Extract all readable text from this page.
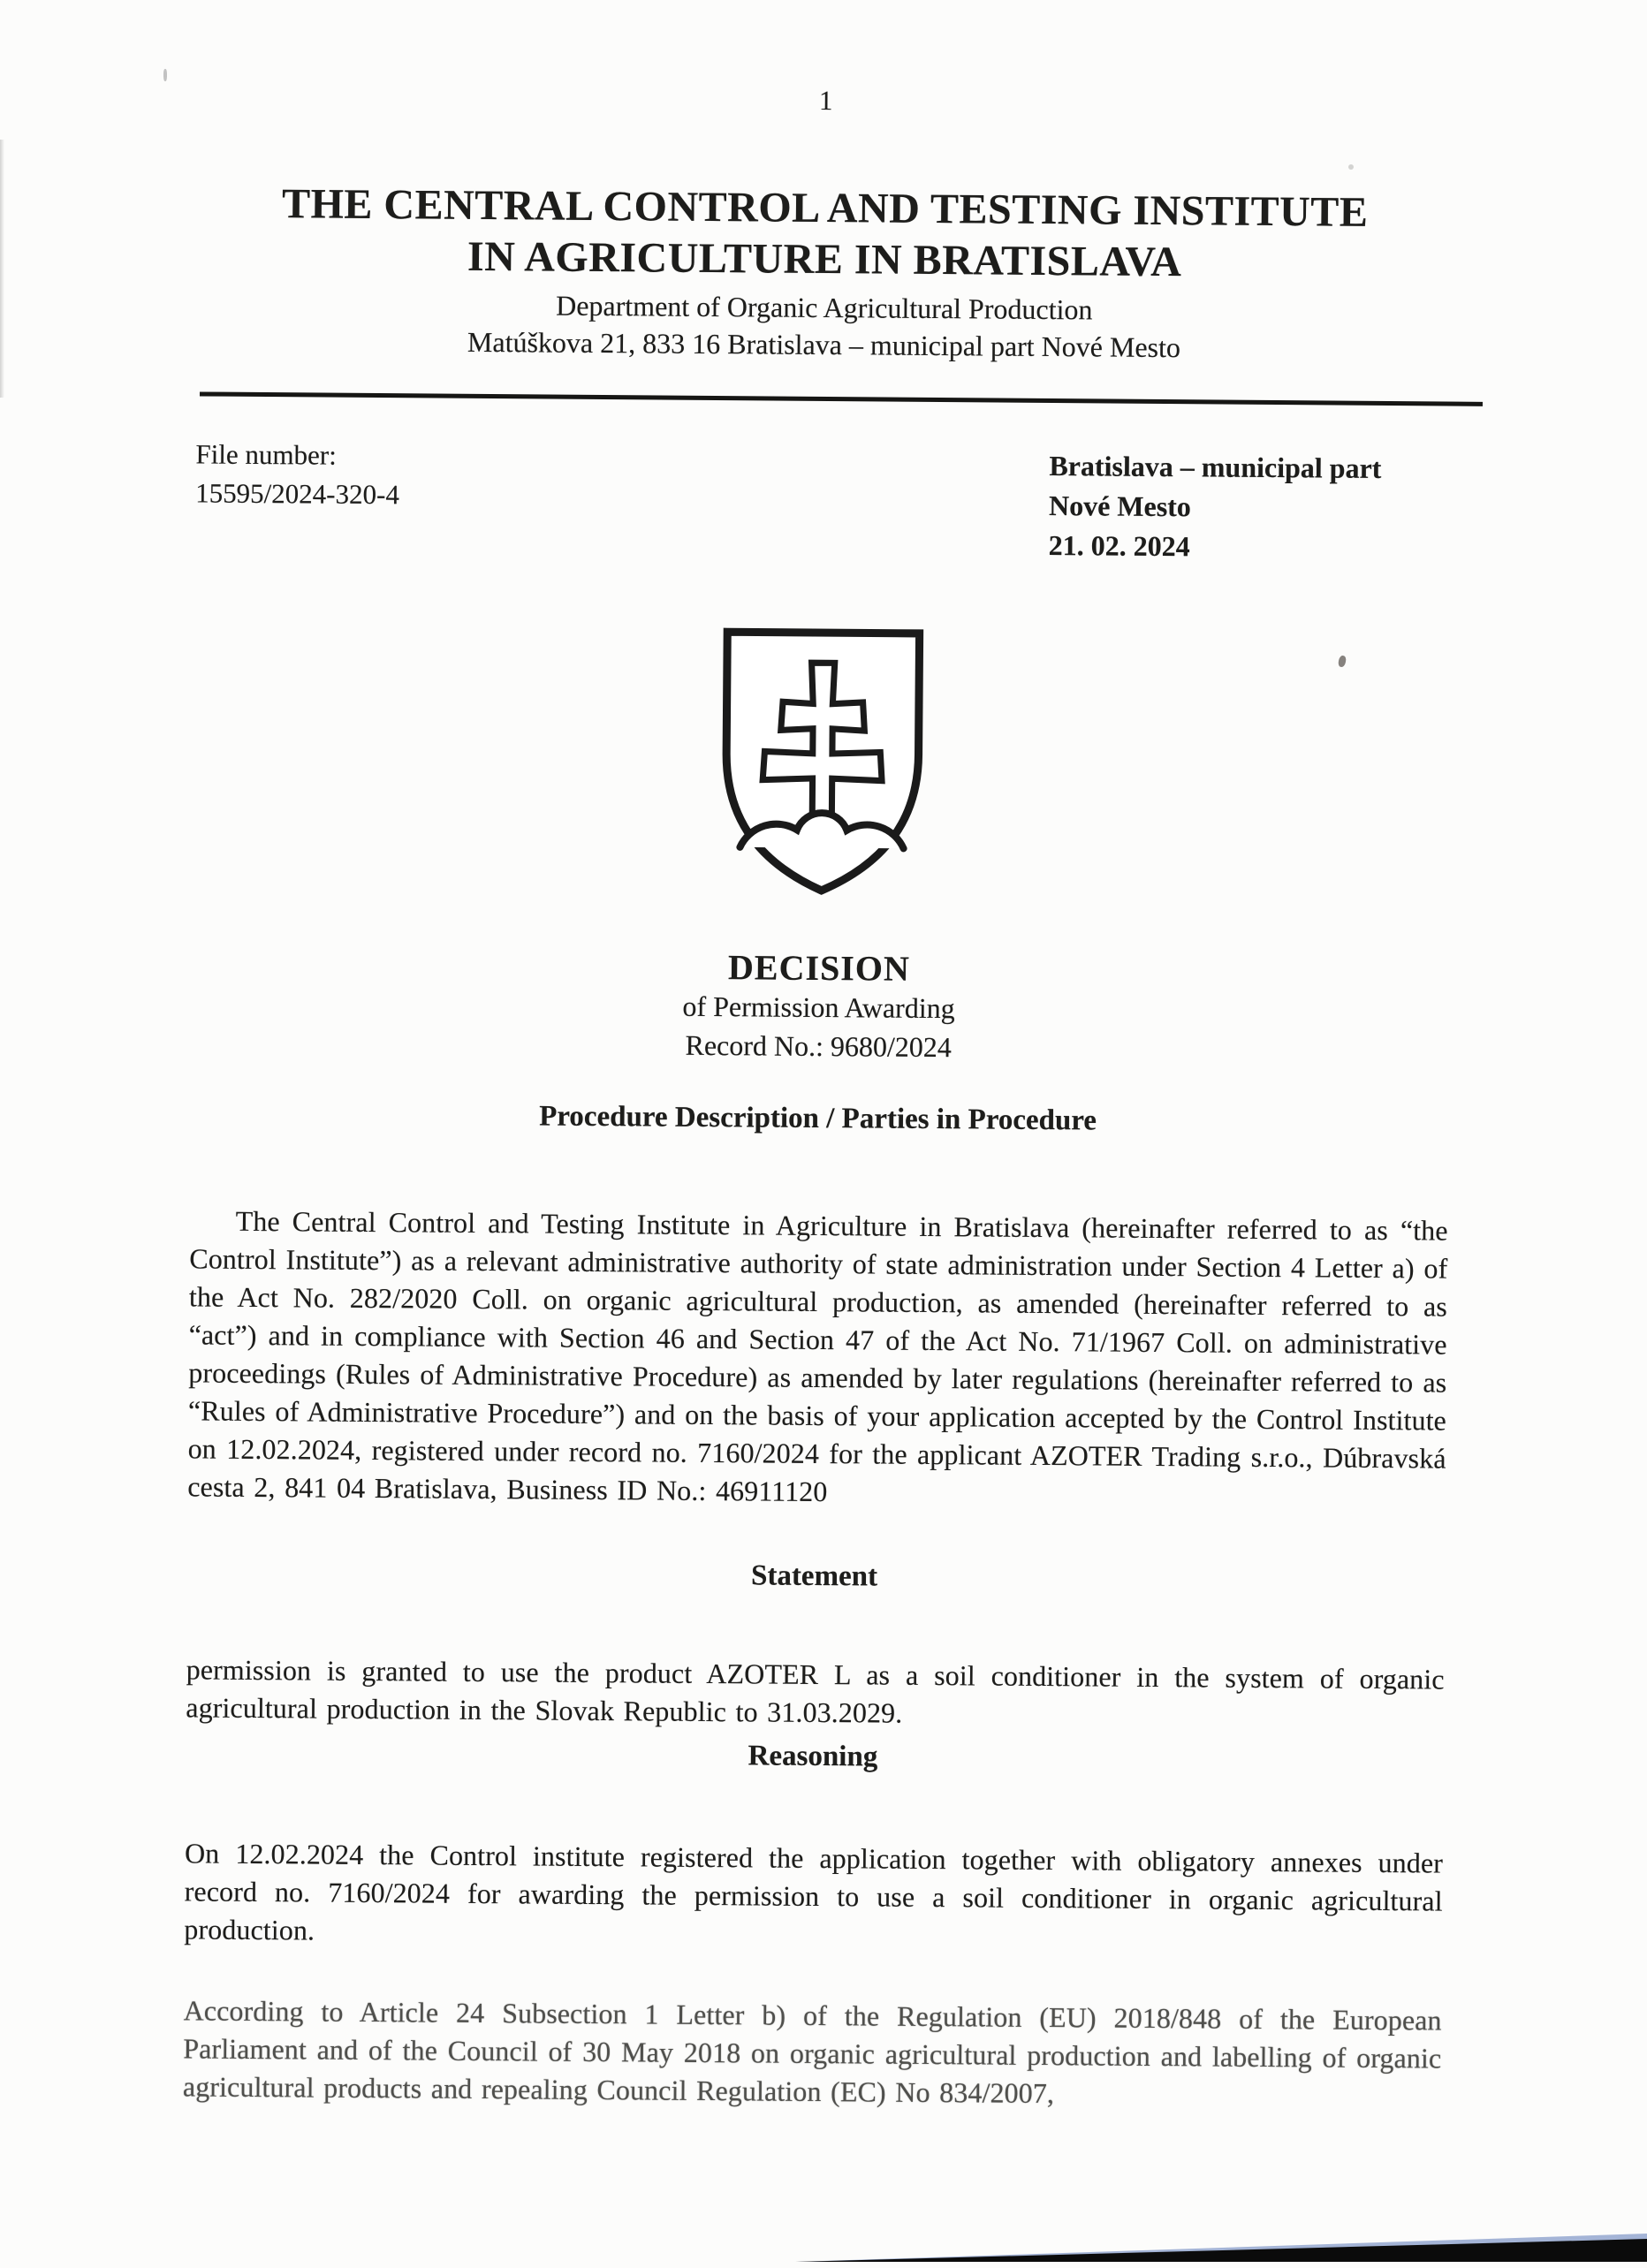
1
THE CENTRAL CONTROL AND TESTING INSTITUTE
IN AGRICULTURE IN BRATISLAVA
Department of Organic Agricultural Production
Matúškova 21, 833 16 Bratislava – municipal part Nové Mesto
File number:
15595/2024-320-4
Bratislava – municipal part
Nové Mesto
21. 02. 2024
DECISION
of Permission Awarding
Record No.: 9680/2024
Procedure Description / Parties in Procedure

The Central Control and Testing Institute in Agriculture in Bratislava (hereinafter referred to as “the Control Institute”) as a relevant administrative authority of state administration under Section 4 Letter a) of the Act No. 282/2020 Coll. on organic agricultural production, as amended (hereinafter referred to as “act”) and in compliance with Section 46 and Section 47 of the Act No. 71/1967 Coll. on administrative proceedings (Rules of Administrative Procedure) as amended by later regulations (hereinafter referred to as “Rules of Administrative Procedure”) and on the basis of your application accepted by the Control Institute on 12.02.2024, registered under record no. 7160/2024 for the applicant AZOTER Trading s.r.o., Dúbravská cesta 2, 841 04 Bratislava, Business ID No.: 46911120

Statement

permission is granted to use the product AZOTER L as a soil conditioner in the system of organic agricultural production in the Slovak Republic to 31.03.2029.

Reasoning

On 12.02.2024 the Control institute registered the application together with obligatory annexes under record no. 7160/2024 for awarding the permission to use a soil conditioner in organic agricultural production.

According to Article 24 Subsection 1 Letter b) of the Regulation (EU) 2018/848 of the European Parliament and of the Council of 30 May 2018 on organic agricultural production and labelling of organic agricultural products and repealing Council Regulation (EC) No 834/2007,
